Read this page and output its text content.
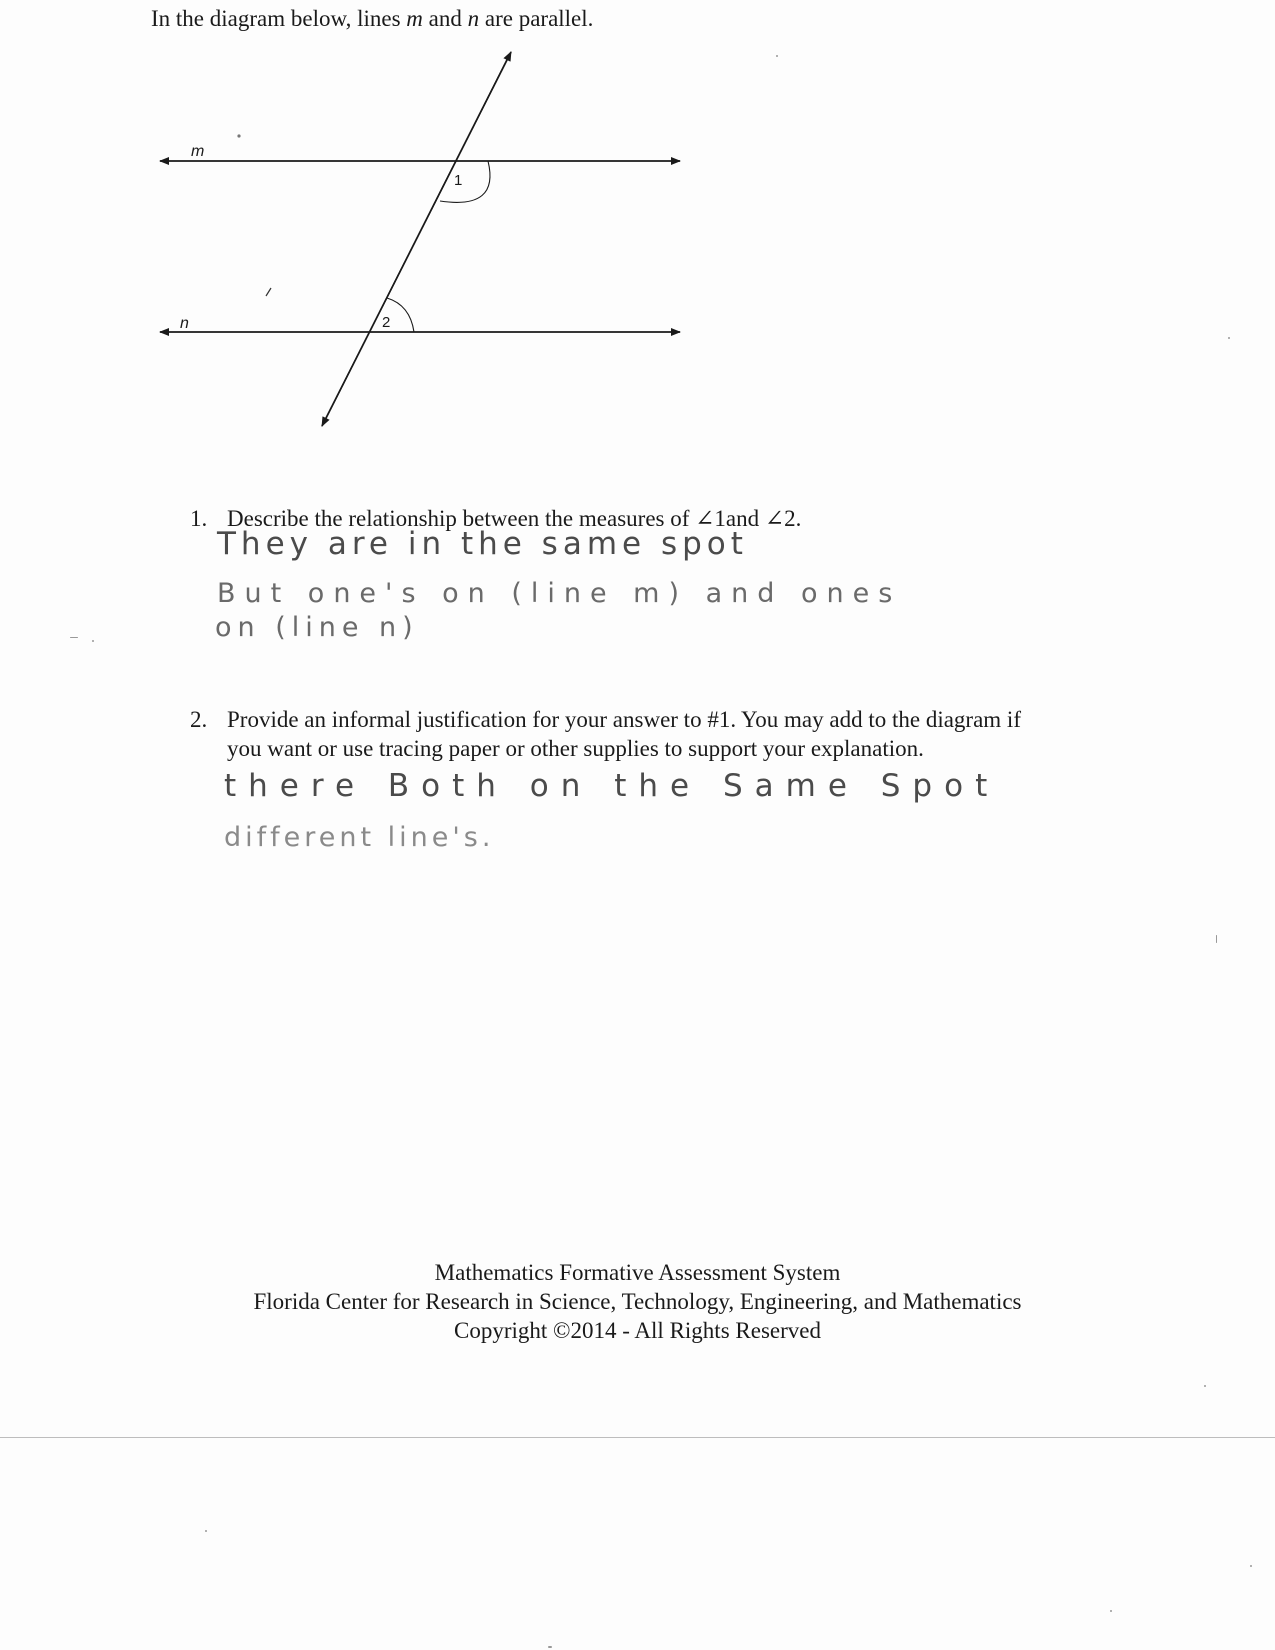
In the diagram below, lines m and n are parallel.
m
n
1
2
1. Describe the relationship between the measures of ∠1and ∠2.
They are in the same spot
But one's on (line m) and ones
on (line n)
2. Provide an informal justification for your answer to #1. You may add to the diagram if
you want or use tracing paper or other supplies to support your explanation.
there Both on the Same Spot
different line's.
Mathematics Formative Assessment System
Florida Center for Research in Science, Technology, Engineering, and Mathematics
Copyright ©2014 - All Rights Reserved
